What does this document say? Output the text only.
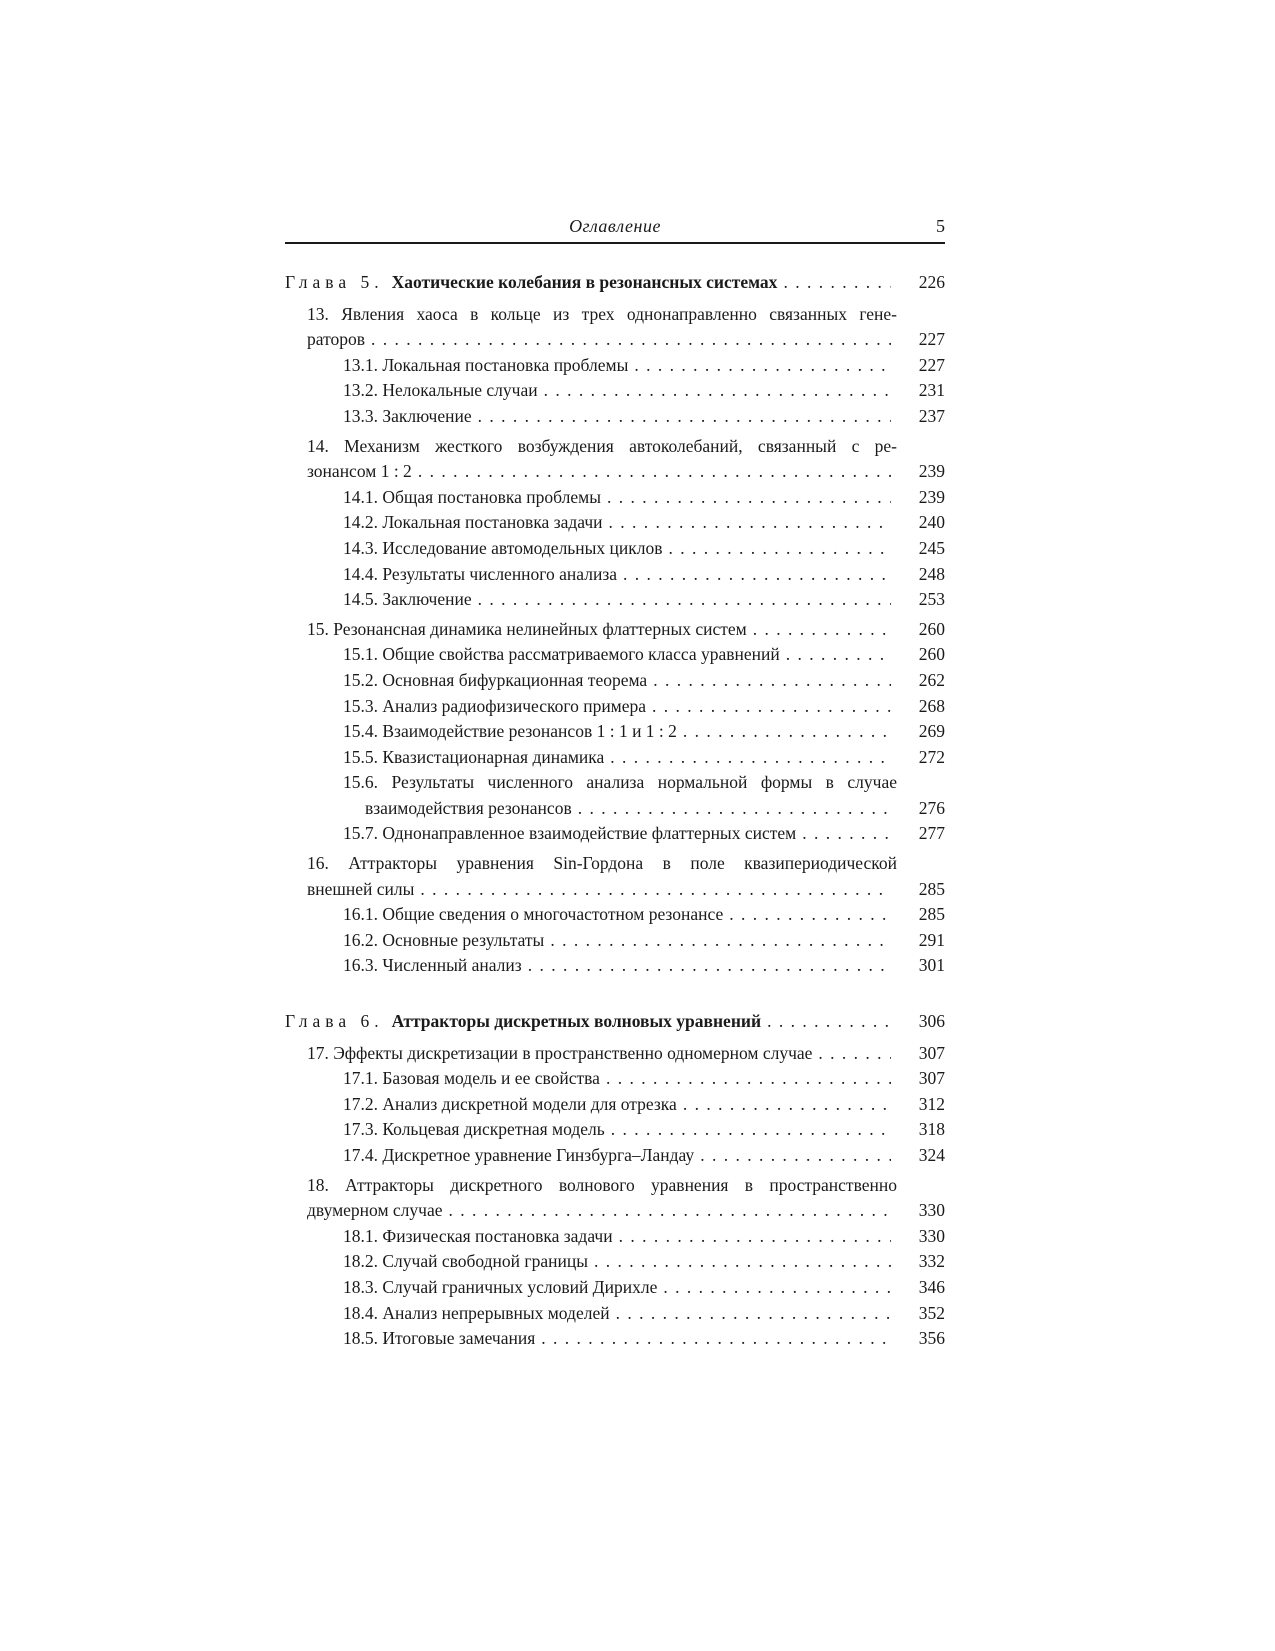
Оглавление	5
Глава 5. Хаотические колебания в резонансных системах . . .	226
13. Явления хаоса в кольце из трех однонаправленно связанных гене-
раторов . . .	227
13.1. Локальная постановка проблемы . . .	227
13.2. Нелокальные случаи . . .	231
13.3. Заключение . . .	237
14. Механизм жесткого возбуждения автоколебаний, связанный с ре-
зонансом 1 : 2 . . .	239
14.1. Общая постановка проблемы . . .	239
14.2. Локальная постановка задачи . . .	240
14.3. Исследование автомодельных циклов . . .	245
14.4. Результаты численного анализа . . .	248
14.5. Заключение . . .	253
15. Резонансная динамика нелинейных флаттерных систем . . .	260
15.1. Общие свойства рассматриваемого класса уравнений . . .	260
15.2. Основная бифуркационная теорема . . .	262
15.3. Анализ радиофизического примера . . .	268
15.4. Взаимодействие резонансов 1 : 1 и 1 : 2 . . .	269
15.5. Квазистационарная динамика . . .	272
15.6. Результаты численного анализа нормальной формы в случае
взаимодействия резонансов . . .	276
15.7. Однонаправленное взаимодействие флаттерных систем . . .	277
16. Аттракторы уравнения Sin-Гордона в поле квазипериодической
внешней силы . . .	285
16.1. Общие сведения о многочастотном резонансе . . .	285
16.2. Основные результаты . . .	291
16.3. Численный анализ . . .	301
Глава 6. Аттракторы дискретных волновых уравнений . . .	306
17. Эффекты дискретизации в пространственно одномерном случае . . .	307
17.1. Базовая модель и ее свойства . . .	307
17.2. Анализ дискретной модели для отрезка . . .	312
17.3. Кольцевая дискретная модель . . .	318
17.4. Дискретное уравнение Гинзбурга–Ландау . . .	324
18. Аттракторы дискретного волнового уравнения в пространственно
двумерном случае . . .	330
18.1. Физическая постановка задачи . . .	330
18.2. Случай свободной границы . . .	332
18.3. Случай граничных условий Дирихле . . .	346
18.4. Анализ непрерывных моделей . . .	352
18.5. Итоговые замечания . . .	356
